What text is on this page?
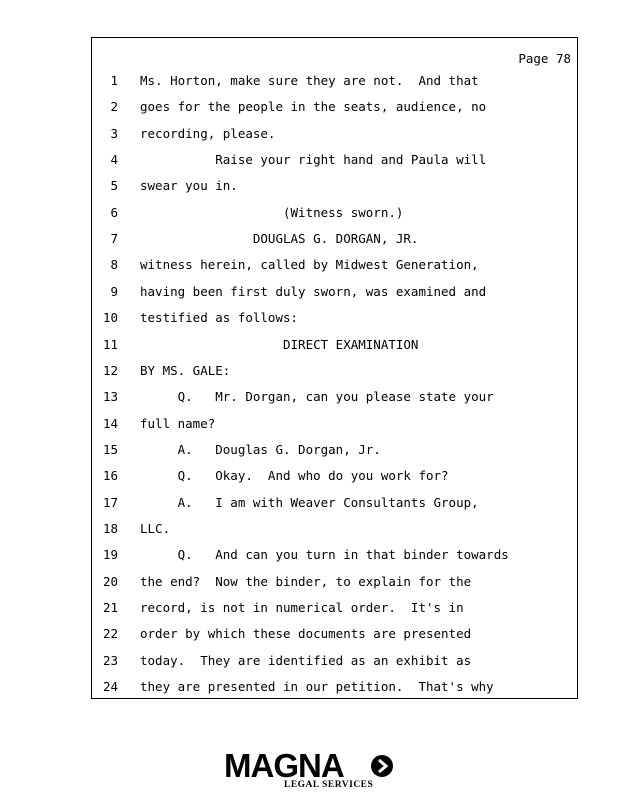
Page 78
1 Ms. Horton, make sure they are not.  And that
2 goes for the people in the seats, audience, no
3 recording, please.
4 Raise your right hand and Paula will
5 swear you in.
6 (Witness sworn.)
7 DOUGLAS G. DORGAN, JR.
8 witness herein, called by Midwest Generation,
9 having been first duly sworn, was examined and
10 testified as follows:
11 DIRECT EXAMINATION
12 BY MS. GALE:
13 Q.   Mr. Dorgan, can you please state your
14 full name?
15 A.   Douglas G. Dorgan, Jr.
16 Q.   Okay.  And who do you work for?
17 A.   I am with Weaver Consultants Group,
18 LLC.
19 Q.   And can you turn in that binder towards
20 the end?  Now the binder, to explain for the
21 record, is not in numerical order.  It's in
22 order by which these documents are presented
23 today.  They are identified as an exhibit as
24 they are presented in our petition.  That's why
MAGNA
LEGAL SERVICES
